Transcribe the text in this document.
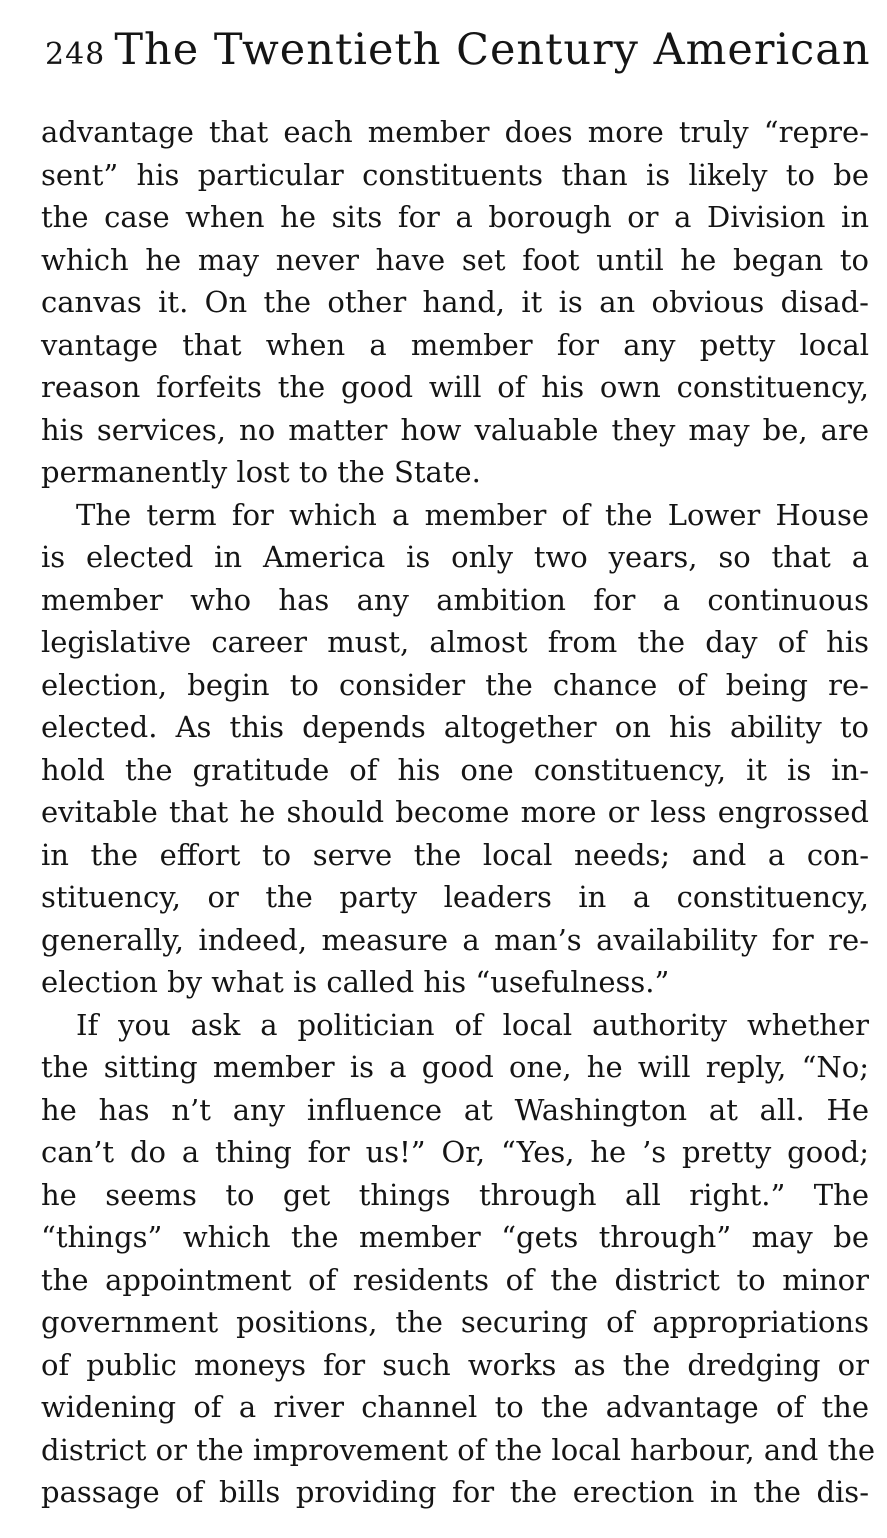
248 The Twentieth Century American
advantage that each member does more truly “repre-
sent” his particular constituents than is likely to be
the case when he sits for a borough or a Division in
which he may never have set foot until he began to
canvas it. On the other hand, it is an obvious disad-
vantage that when a member for any petty local
reason forfeits the good will of his own constituency,
his services, no matter how valuable they may be, are
permanently lost to the State.
The term for which a member of the Lower House
is elected in America is only two years, so that a
member who has any ambition for a continuous
legislative career must, almost from the day of his
election, begin to consider the chance of being re-
elected. As this depends altogether on his ability to
hold the gratitude of his one constituency, it is in-
evitable that he should become more or less engrossed
in the effort to serve the local needs; and a con-
stituency, or the party leaders in a constituency,
generally, indeed, measure a man’s availability for re-
election by what is called his “usefulness.”
If you ask a politician of local authority whether
the sitting member is a good one, he will reply, “No;
he has n’t any influence at Washington at all. He
can’t do a thing for us!” Or, “Yes, he ’s pretty good;
he seems to get things through all right.” The
“things” which the member “gets through” may be
the appointment of residents of the district to minor
government positions, the securing of appropriations
of public moneys for such works as the dredging or
widening of a river channel to the advantage of the
district or the improvement of the local harbour, and the
passage of bills providing for the erection in the dis-
